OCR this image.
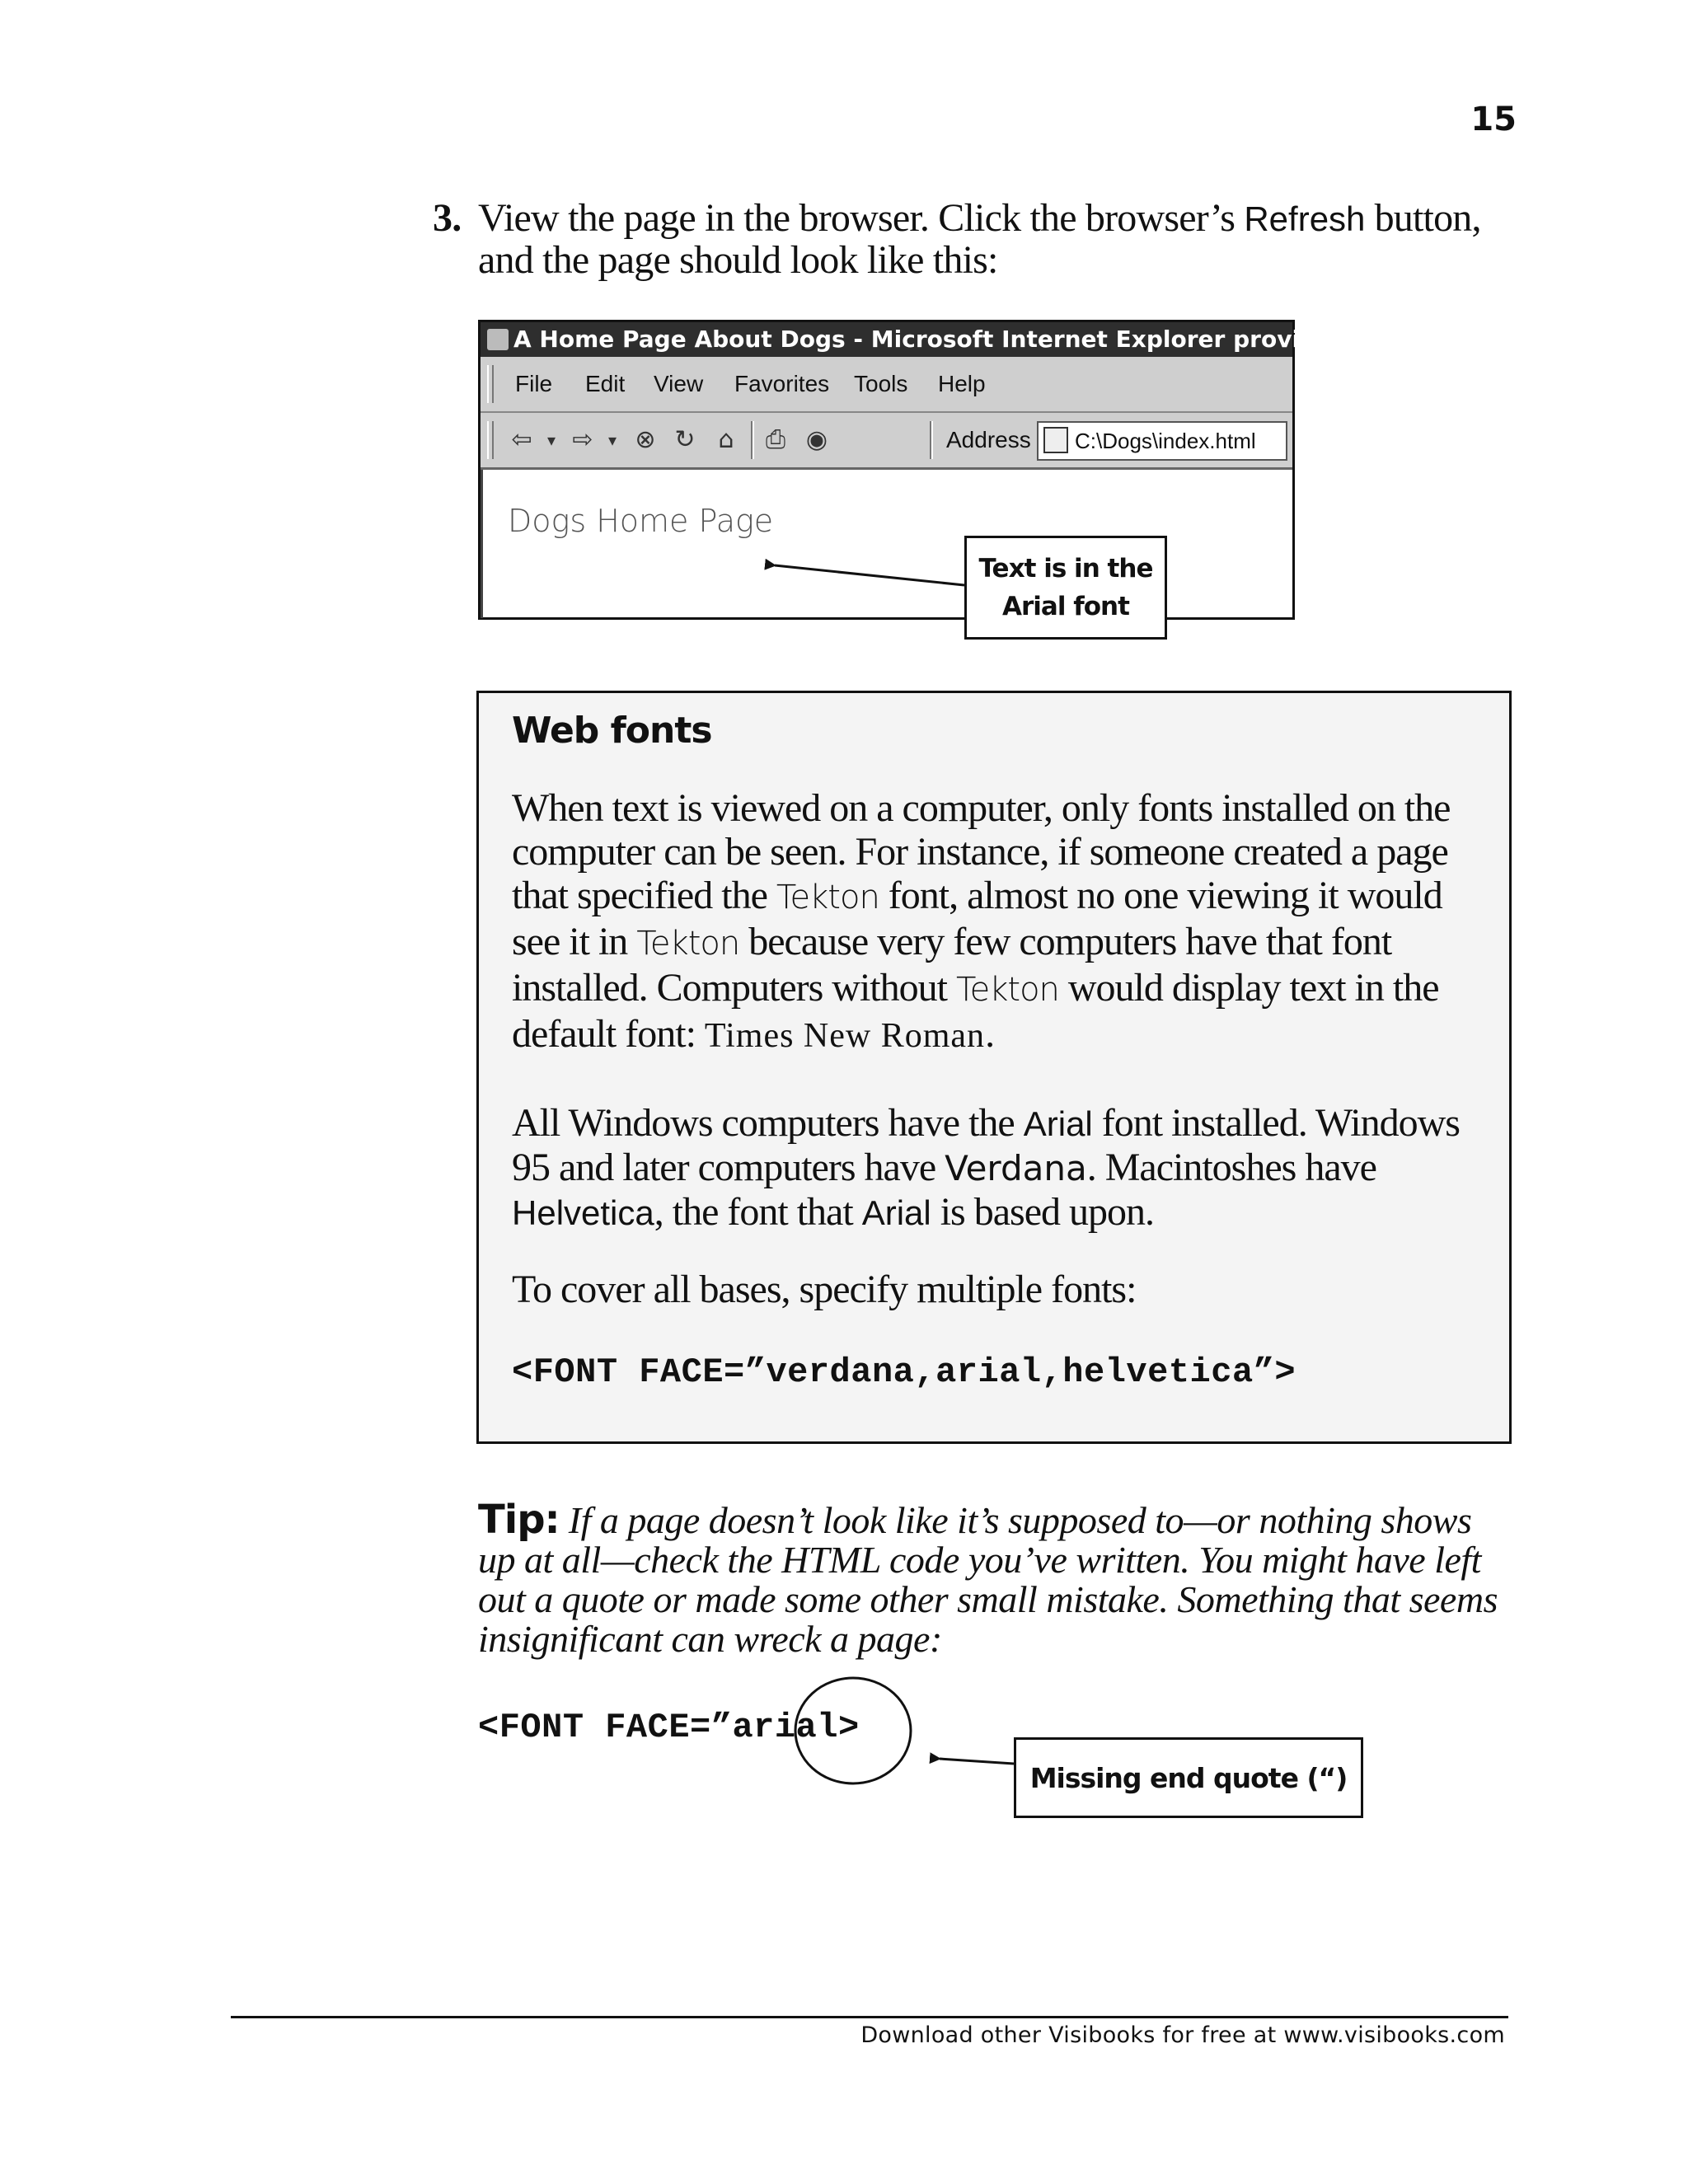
15
3. View the page in the browser. Click the browser’s Refresh button, and the page should look like this:
A Home Page About Dogs - Microsoft Internet Explorer provided by
File Edit View Favorites Tools Help
⇦ ▾ ⇨ ▾ ⊗ ↻ ⌂	⎙ ◉	Address	C:\Dogs\index.html
Dogs Home Page
Text is in the
Arial font
Web fonts
When text is viewed on a computer, only fonts installed on the computer can be seen. For instance, if someone created a page that specified the Tekton font, almost no one viewing it would see it in Tekton because very few computers have that font installed. Computers without Tekton would display text in the default font: Times New Roman.
All Windows computers have the Arial font installed. Windows 95 and later computers have Verdana. Macintoshes have Helvetica, the font that Arial is based upon.
To cover all bases, specify multiple fonts:
<FONT FACE=”verdana,arial,helvetica”>
Tip: If a page doesn’t look like it’s supposed to—or nothing shows up at all—check the HTML code you’ve written. You might have left out a quote or made some other small mistake. Something that seems insignificant can wreck a page:
<FONT FACE=”arial>
Missing end quote (“)
Download other Visibooks for free at www.visibooks.com
